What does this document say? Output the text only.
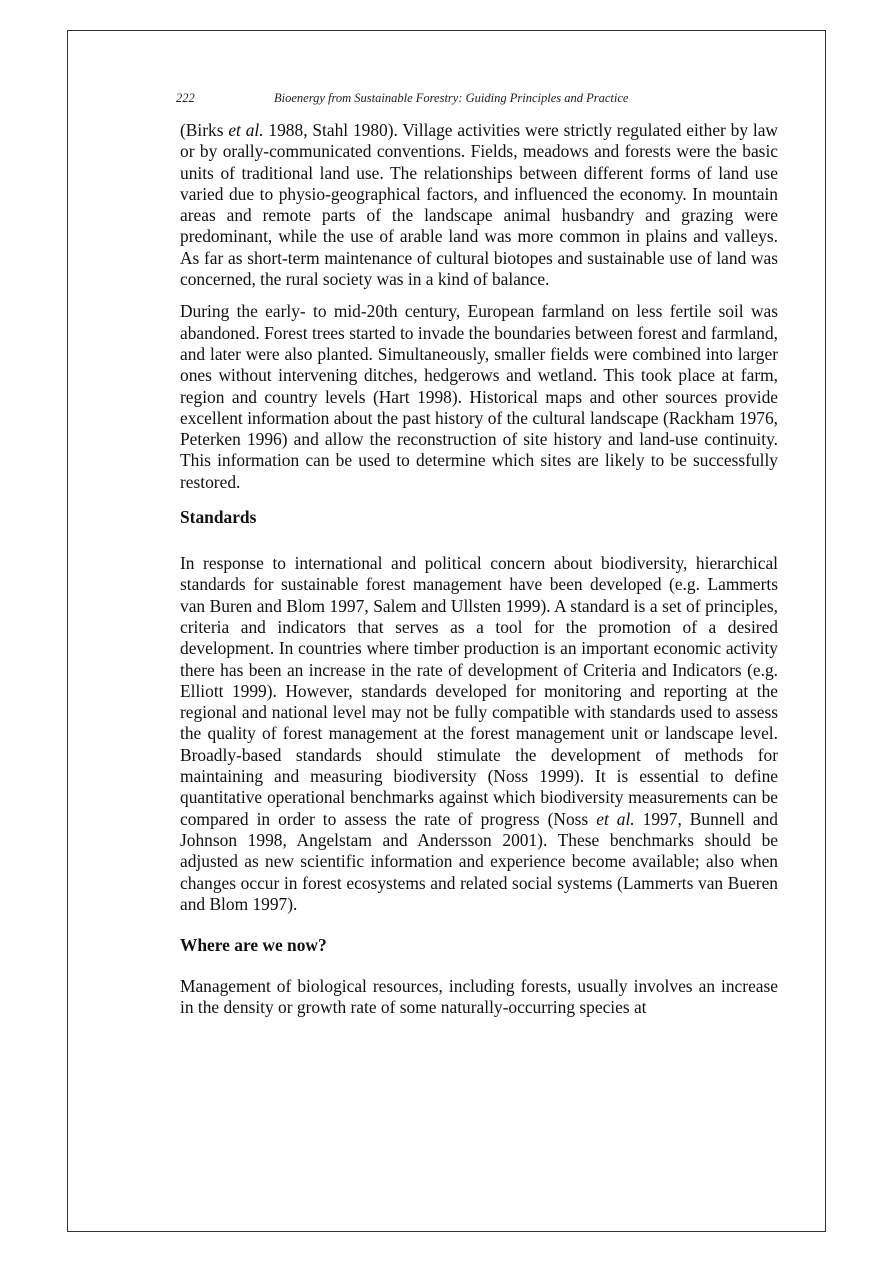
222	Bioenergy from Sustainable Forestry: Guiding Principles and Practice

(Birks et al. 1988, Stahl 1980). Village activities were strictly regulated either by law or by orally-communicated conventions. Fields, meadows and forests were the basic units of traditional land use. The relationships between different forms of land use varied due to physio-geographical factors, and influenced the economy. In mountain areas and remote parts of the landscape animal husbandry and grazing were predominant, while the use of arable land was more common in plains and valleys. As far as short-term maintenance of cultural biotopes and sustainable use of land was concerned, the rural society was in a kind of balance.

During the early- to mid-20th century, European farmland on less fertile soil was abandoned. Forest trees started to invade the boundaries between forest and farmland, and later were also planted. Simultaneously, smaller fields were combined into larger ones without intervening ditches, hedgerows and wetland. This took place at farm, region and country levels (Hart 1998). Historical maps and other sources provide excellent information about the past history of the cultural landscape (Rackham 1976, Peterken 1996) and allow the reconstruction of site history and land-use continuity. This information can be used to determine which sites are likely to be successfully restored.

Standards

In response to international and political concern about biodiversity, hierarchical standards for sustainable forest management have been developed (e.g. Lammerts van Buren and Blom 1997, Salem and Ullsten 1999). A standard is a set of principles, criteria and indicators that serves as a tool for the promotion of a desired development. In countries where timber production is an important economic activity there has been an increase in the rate of development of Criteria and Indicators (e.g. Elliott 1999). However, standards developed for monitoring and reporting at the regional and national level may not be fully compatible with standards used to assess the quality of forest management at the forest management unit or landscape level. Broadly-based standards should stimulate the development of methods for maintaining and measuring biodiversity (Noss 1999). It is essential to define quantitative operational benchmarks against which biodiversity measurements can be compared in order to assess the rate of progress (Noss et al. 1997, Bunnell and Johnson 1998, Angelstam and Andersson 2001). These benchmarks should be adjusted as new scientific information and experience become available; also when changes occur in forest ecosystems and related social systems (Lammerts van Bueren and Blom 1997).

Where are we now?

Management of biological resources, including forests, usually involves an increase in the density or growth rate of some naturally-occurring species at
